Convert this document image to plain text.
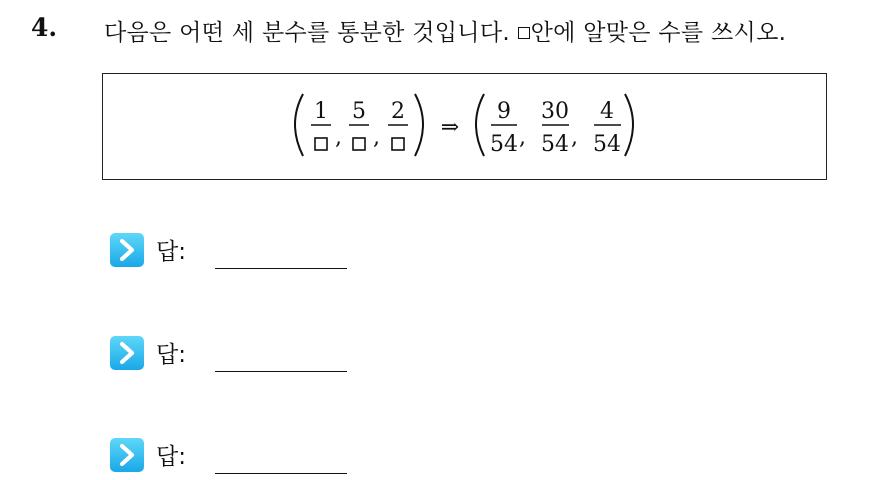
4. 다음은 어떤 세 분수를 통분한 것입니다. 안에 알맞은 수를 쓰시오.
1
,
5
,
2
⇒
9
54 ,
30
54 ,
4
54
답:
답:
답:
